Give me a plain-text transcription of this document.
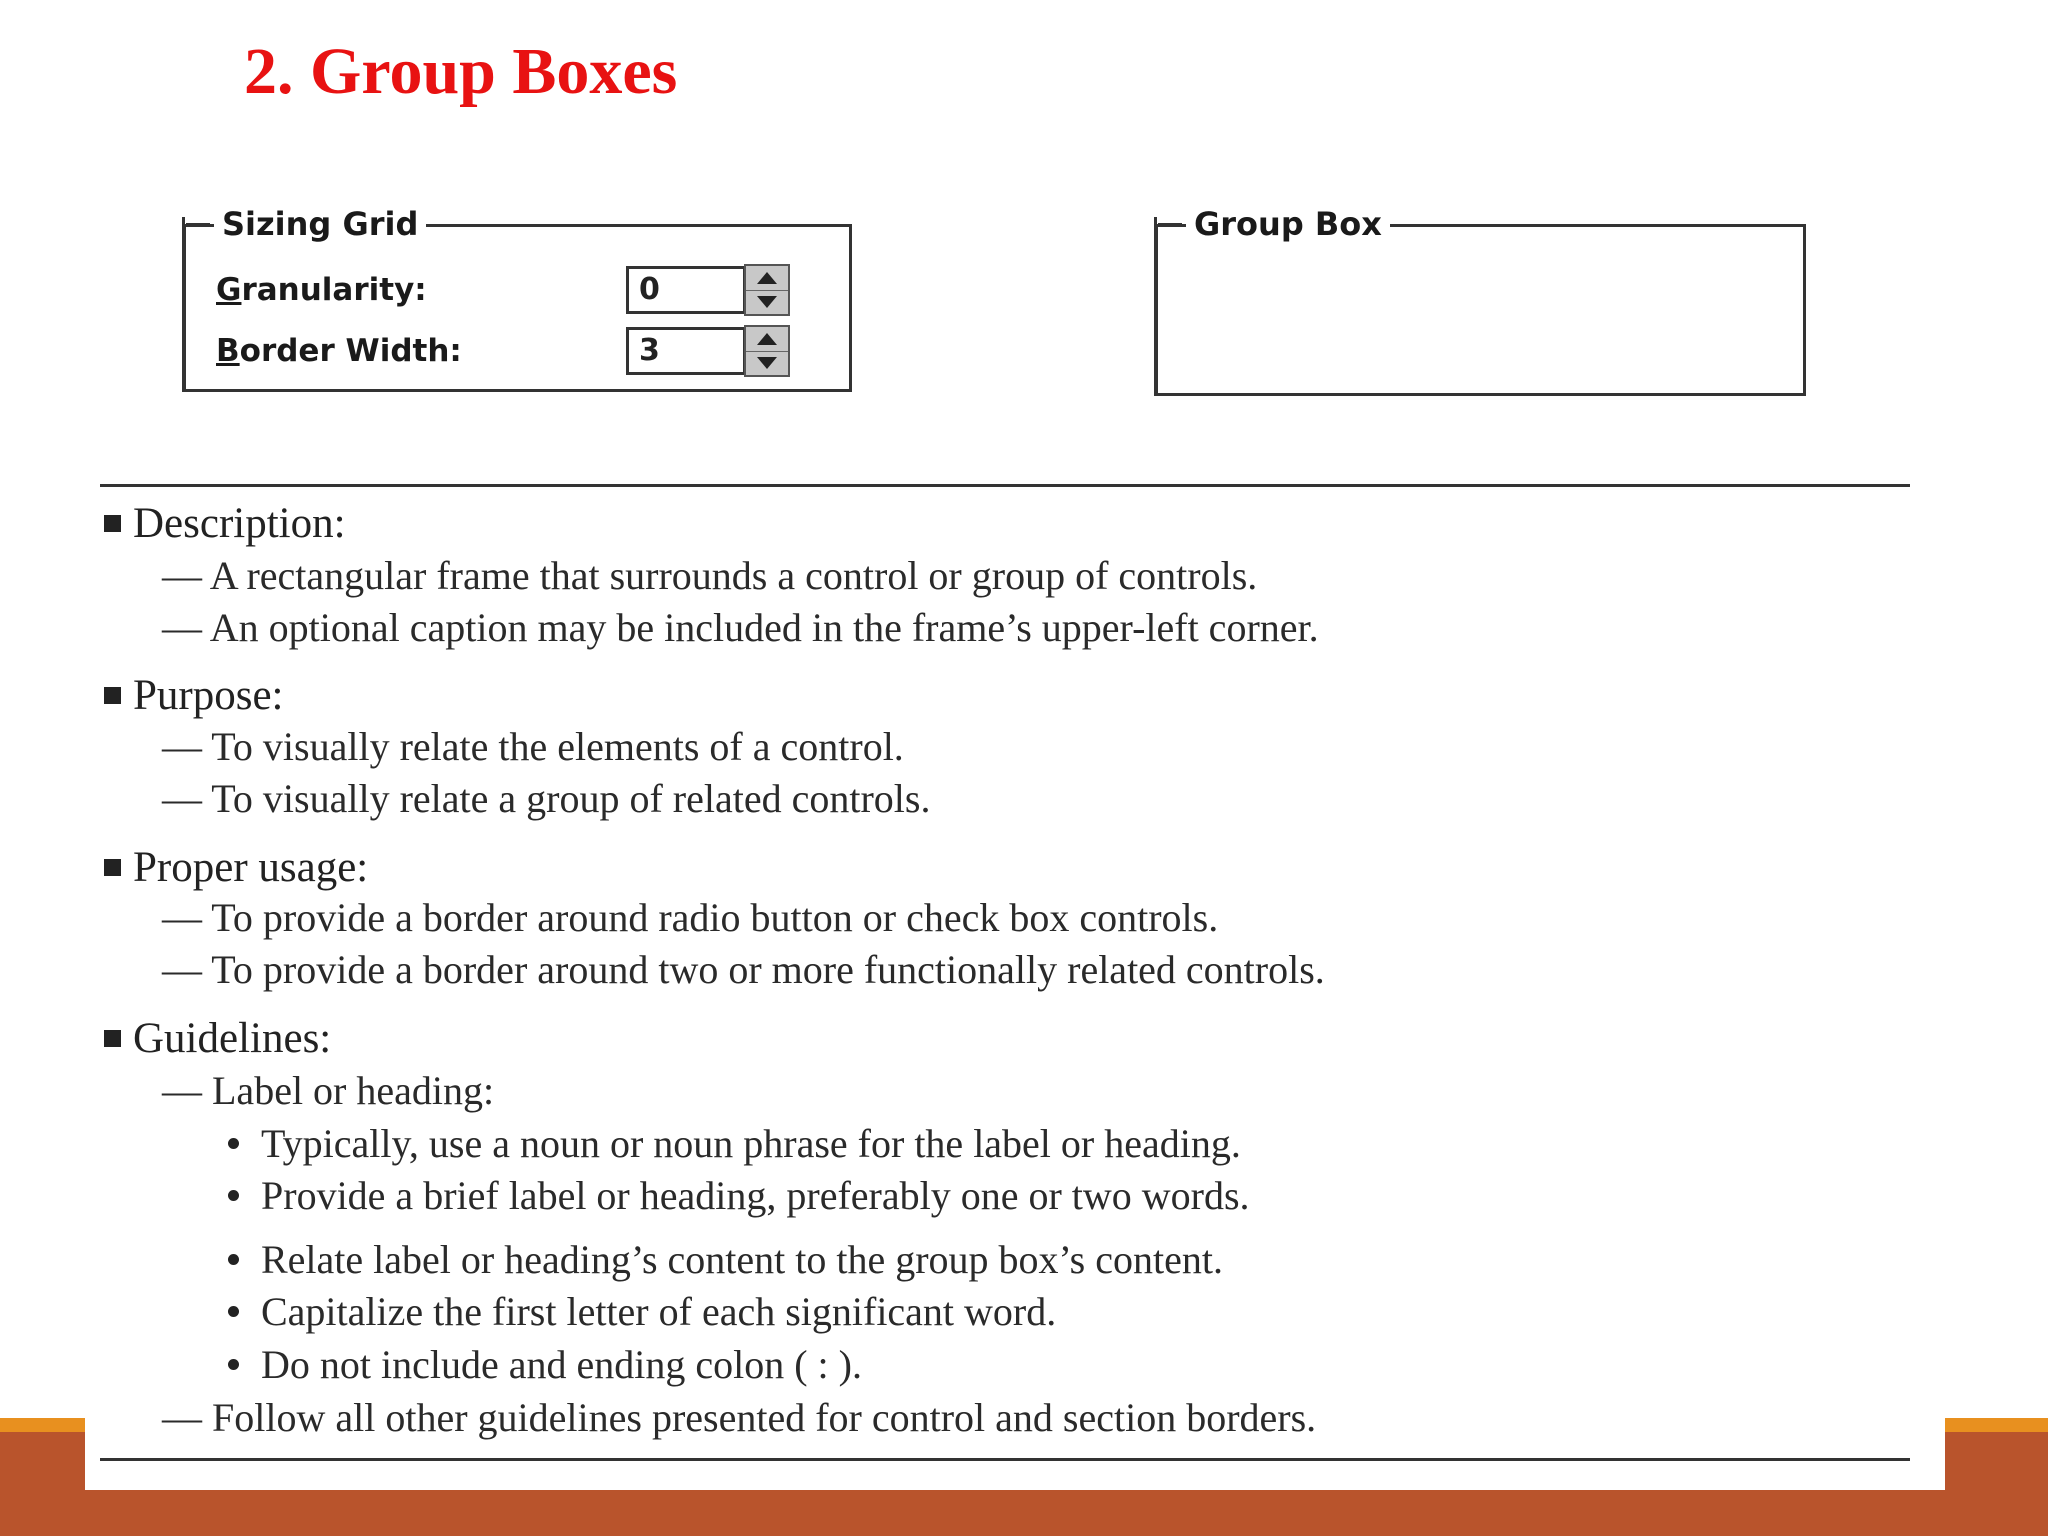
2. Group Boxes
Sizing Grid
Granularity:	0
Border Width:	3
Group Box
Description:
— A rectangular frame that surrounds a control or group of controls.
— An optional caption may be included in the frame’s upper-left corner.
Purpose:
— To visually relate the elements of a control.
— To visually relate a group of related controls.
Proper usage:
— To provide a border around radio button or check box controls.
— To provide a border around two or more functionally related controls.
Guidelines:
— Label or heading:
Typically, use a noun or noun phrase for the label or heading.
Provide a brief label or heading, preferably one or two words.
Relate label or heading’s content to the group box’s content.
Capitalize the first letter of each significant word.
Do not include and ending colon ( : ).
— Follow all other guidelines presented for control and section borders.
